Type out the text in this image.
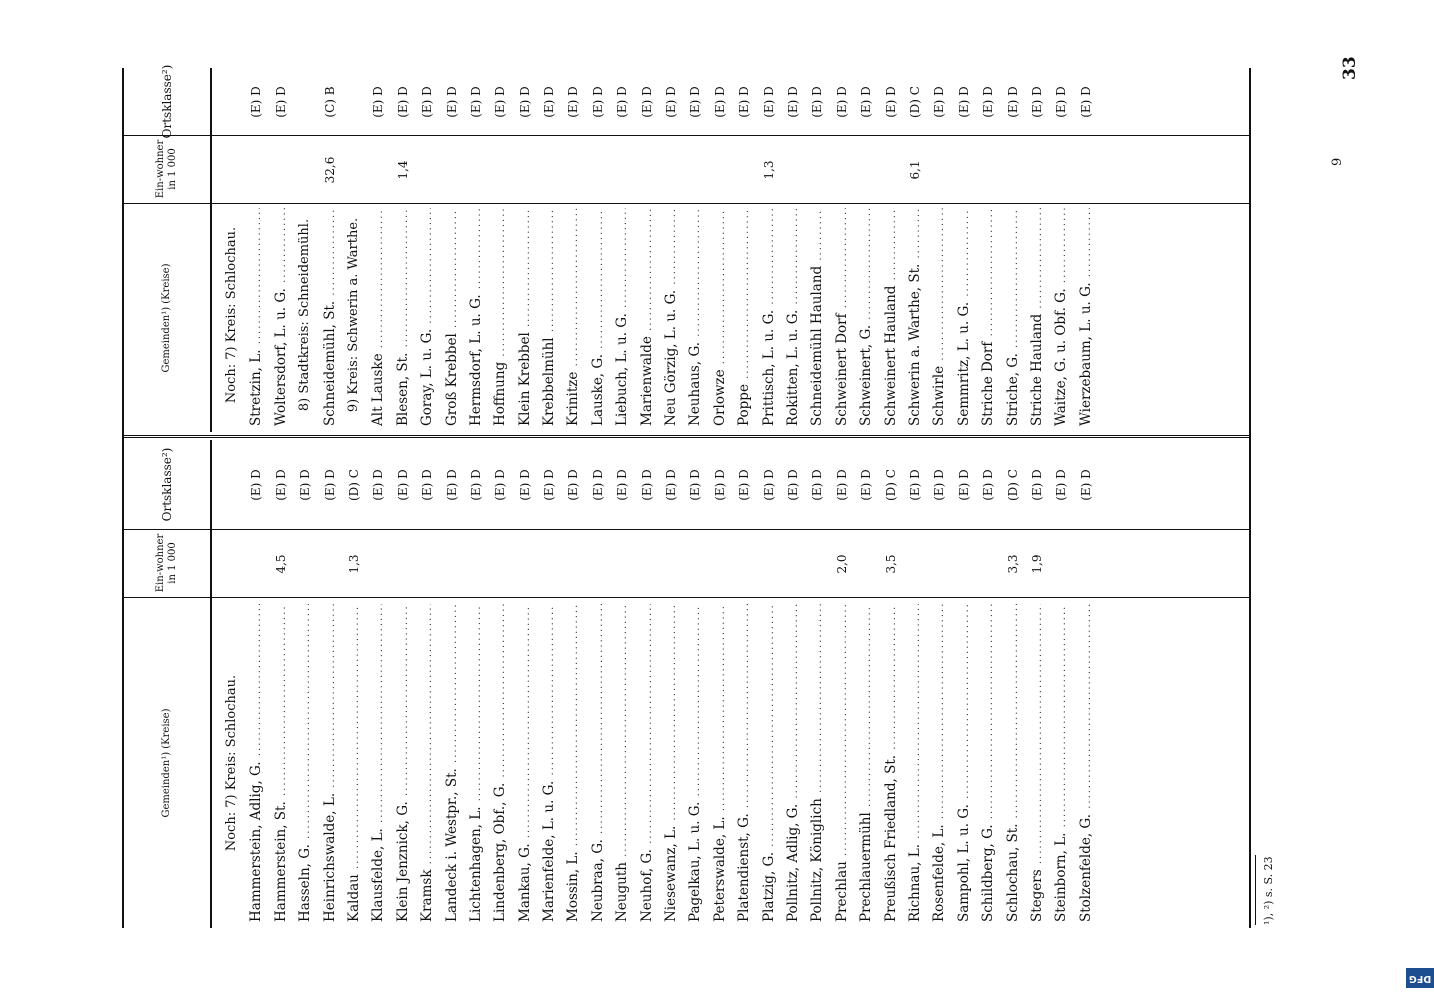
33
9
Gemeinden¹) (Kreise)
Ein-wohner in 1 000
Ortsklasse²)
Noch: 7) Kreis: Schlochau. Hammerstein, Adlig, G. .....
(E) D
Hammerstein, St. .....
4,5
(E) D
Hasseln, G. .....
(E) D
Heinrichswalde, L. .....
(E) D
Kaldau .....
1,3
(D) C
Klausfelde, L. .....
(E) D
Klein Jenznick, G. .....
(E) D
Kramsk .....
(E) D
Landeck i. Westpr., St. .....
(E) D
Lichtenhagen, L. .....
(E) D
Lindenberg, Obf., G. .....
(E) D
Mankau, G. .....
(E) D
Marienfelde, L. u. G. .....
(E) D
Mossin, L. .....
(E) D
Neubraa, G. .....
(E) D
Neuguth .....
(E) D
Neuhof, G. .....
(E) D
Niesewanz, L. .....
(E) D
Pagelkau, L. u. G. .....
(E) D
Peterswalde, L. .....
(E) D
Platendienst, G. .....
(E) D
Platzig, G. .....
(E) D
Pollnitz, Adlig, G. .....
(E) D
Pollnitz, Königlich .....
(E) D
Prechlau .....
2,0
(E) D
Prechlauermühl .....
(E) D
Preußisch Friedland, St. .....
3,5
(D) C
Richnau, L. .....
(E) D
Rosenfelde, L. .....
(E) D
Sampohl, L. u. G. .....
(E) D
Schildberg, G. .....
(E) D
Schlochau, St. .....
3,3
(D) C
Stegers .....
1,9
(E) D
Steinborn, L. .....
(E) D
Stolzenfelde, G. .....
(E) D
Gemeinden¹) (Kreise)
Ein-wohner in 1 000
Ortsklasse²)
Noch: 7) Kreis: Schlochau. Stretzin, L. .....
(E) D
Woltersdorf, L. u. G. .....
(E) D
8) Stadtkreis: Schneidemühl. Schneidemühl, St. .....
32,6
(C) B
9) Kreis: Schwerin a. Warthe. Alt Lauske .....
(E) D
Blesen, St. .....
1,4
(E) D
Goray, L. u. G. .....
(E) D
Groß Krebbel .....
(E) D
Hermsdorf, L. u. G. .....
(E) D
Hoffnung .....
(E) D
Klein Krebbel .....
(E) D
Krebbelmühl .....
(E) D
Krinitze .....
(E) D
Lauske, G. .....
(E) D
Liebuch, L. u. G. .....
(E) D
Marienwalde .....
(E) D
Neu Görzig, L. u. G. .....
(E) D
Neuhaus, G. .....
(E) D
Orlowze .....
(E) D
Poppe .....
(E) D
Prittisch, L. u. G. .....
1,3
(E) D
Rokitten, L. u. G. .....
(E) D
Schneidemühl Hauland .....
(E) D
Schweinert Dorf .....
(E) D
Schweinert, G. .....
(E) D
Schweinert Hauland .....
(E) D
Schwerin a. Warthe, St. .....
6,1
(D) C
Schwirle .....
(E) D
Semmritz, L. u. G. .....
(E) D
Striche Dorf .....
(E) D
Striche, G. .....
(E) D
Striche Hauland .....
(E) D
Waitze, G. u. Obf. G. .....
(E) D
Wierzebaum, L. u. G. .....
(E) D
¹), ²) s. S. 23
DFG
